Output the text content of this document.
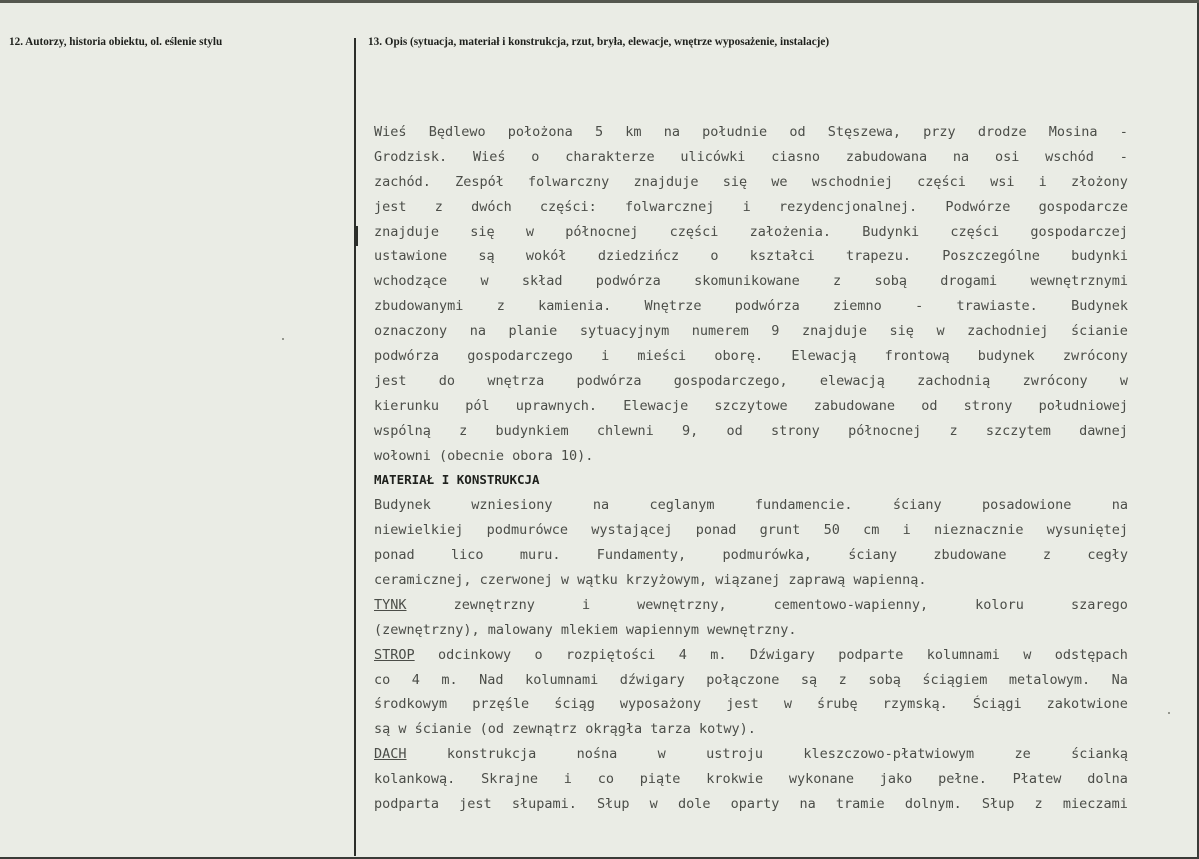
12. Autorzy, historia obiektu, ol. eślenie stylu	13. Opis (sytuacja, materiał i konstrukcja, rzut, bryła, elewacje, wnętrze wyposażenie, instalacje)
Wieś Będlewo położona 5 km na południe od Stęszewa, przy drodze Mosina -
Grodzisk. Wieś o charakterze ulicówki ciasno zabudowana na osi wschód -
zachód. Zespół folwarczny znajduje się we wschodniej części wsi i złożony
jest z dwóch części: folwarcznej i rezydencjonalnej. Podwórze gospodarcze
znajduje się w północnej części założenia. Budynki części gospodarczej
ustawione są wokół dziedzińcz o kształci trapezu. Poszczególne budynki
wchodzące w skład podwórza skomunikowane z sobą drogami wewnętrznymi
zbudowanymi z kamienia. Wnętrze podwórza ziemno - trawiaste. Budynek
oznaczony na planie sytuacyjnym numerem 9 znajduje się w zachodniej ścianie
podwórza gospodarczego i mieści oborę. Elewacją frontową budynek zwrócony
jest do wnętrza podwórza gospodarczego, elewacją zachodnią zwrócony w
kierunku pól uprawnych. Elewacje szczytowe zabudowane od strony południowej
wspólną z budynkiem chlewni 9, od strony północnej z szczytem dawnej
wołowni (obecnie obora 10).
MATERIAŁ I KONSTRUKCJA
Budynek	wzniesiony	na	ceglanym	fundamencie.	ściany	posadowione	na
niewielkiej podmurówce wystającej ponad grunt 50 cm i nieznacznie wysuniętej
ponad	lico	muru.	Fundamenty,	podmurówka,	ściany	zbudowane	z	cegły
ceramicznej, czerwonej w wątku krzyżowym, wiązanej zaprawą wapienną.
TYNK	zewnętrzny	i	wewnętrzny,	cementowo-wapienny,	koloru	szarego
(zewnętrzny), malowany mlekiem wapiennym wewnętrzny.
STROP odcinkowy o rozpiętości 4 m. Dźwigary podparte kolumnami w odstępach
co 4 m. Nad kolumnami dźwigary połączone są z sobą ściągiem metalowym. Na
środkowym przęśle ściąg wyposażony jest w śrubę rzymską. Ściągi zakotwione
są w ścianie (od zewnątrz okrągła tarza kotwy).
DACH	konstrukcja	nośna	w	ustroju	kleszczowo-płatwiowym	ze	ścianką
kolankową. Skrajne i co piąte krokwie wykonane jako pełne. Płatew dolna
podparta jest słupami. Słup w dole oparty na tramie dolnym. Słup z mieczami
